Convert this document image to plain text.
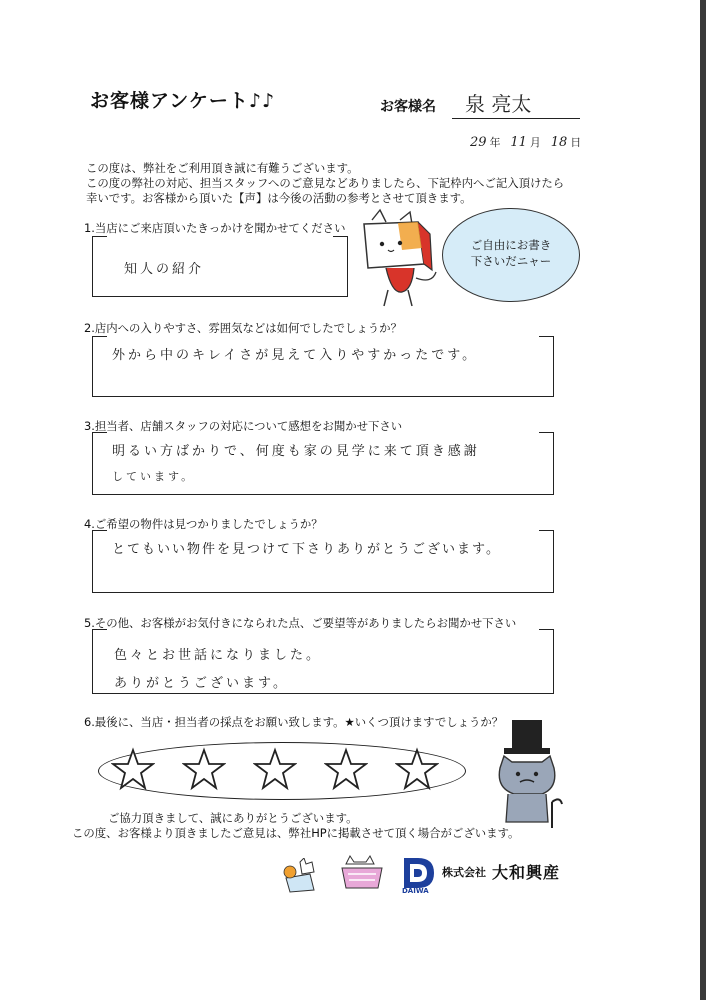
お客様アンケート♪♪	お客様名 泉 亮太
29 年 11 月 18 日
この度は、弊社をご利用頂き誠に有難うございます。
この度の弊社の対応、担当スタッフへのご意見などありましたら、下記枠内へご記入頂けたら
幸いです。お客様から頂いた【声】は今後の活動の参考とさせて頂きます。
1.当店にご来店頂いたきっかけを聞かせてください
知人の紹介
ご自由にお書き
下さいだニャー
2.店内への入りやすさ、雰囲気などは如何でしたでしょうか？
外から中のキレイさが見えて入りやすかったです。
3.担当者、店舗スタッフの対応について感想をお聞かせ下さい
明るい方ばかりで、何度も家の見学に来て頂き感謝
しています。
4.ご希望の物件は見つかりましたでしょうか？
とてもいい物件を見つけて下さりありがとうございます。
5.その他、お客様がお気付きになられた点、ご要望等がありましたらお聞かせ下さい
色々とお世話になりました。
ありがとうございます。
6.最後に、当店・担当者の採点をお願い致します。★いくつ頂けますでしょうか？
ご協力頂きまして、誠にありがとうございます。
この度、お客様より頂きましたご意見は、弊社HPに掲載させて頂く場合がございます。
DAIWA
株式会社 大和興産
